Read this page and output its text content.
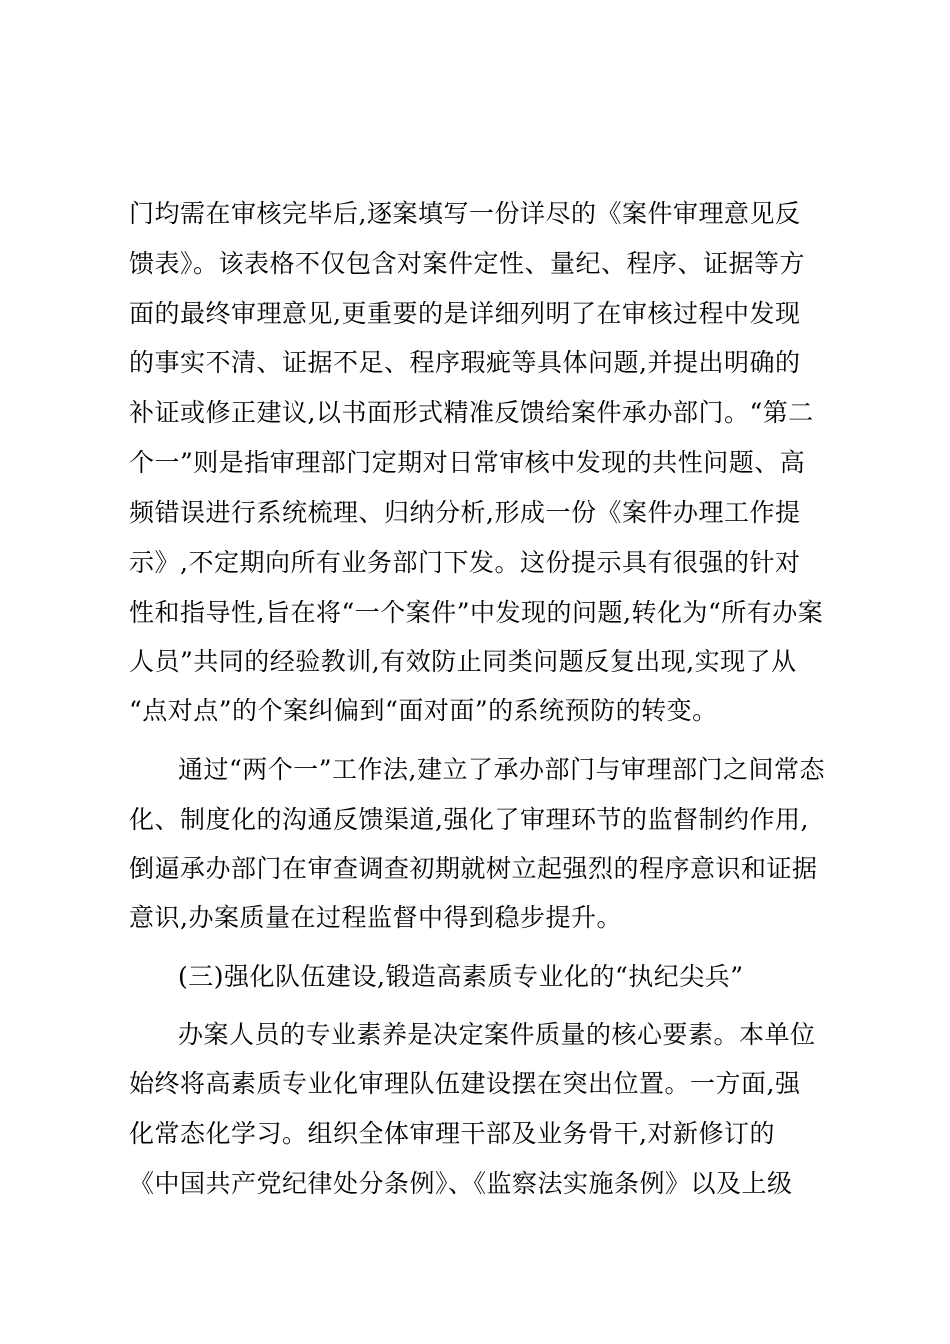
门均需在审核完毕后,逐案填写一份详尽的《案件审理意见反
馈表》。该表格不仅包含对案件定性、量纪、程序、证据等方
面的最终审理意见,更重要的是详细列明了在审核过程中发现
的事实不清、证据不足、程序瑕疵等具体问题,并提出明确的
补证或修正建议,以书面形式精准反馈给案件承办部门。“第二
个一”则是指审理部门定期对日常审核中发现的共性问题、高
频错误进行系统梳理、归纳分析,形成一份《案件办理工作提
示》,不定期向所有业务部门下发。这份提示具有很强的针对
性和指导性,旨在将“一个案件”中发现的问题,转化为“所有办案
人员”共同的经验教训,有效防止同类问题反复出现,实现了从
“点对点”的个案纠偏到“面对面”的系统预防的转变。
通过“两个一”工作法,建立了承办部门与审理部门之间常态
化、制度化的沟通反馈渠道,强化了审理环节的监督制约作用,
倒逼承办部门在审查调查初期就树立起强烈的程序意识和证据
意识,办案质量在过程监督中得到稳步提升。
(三)强化队伍建设,锻造高素质专业化的“执纪尖兵”
办案人员的专业素养是决定案件质量的核心要素。本单位
始终将高素质专业化审理队伍建设摆在突出位置。一方面,强
化常态化学习。组织全体审理干部及业务骨干,对新修订的
《中国共产党纪律处分条例》、《监察法实施条例》以及上级
